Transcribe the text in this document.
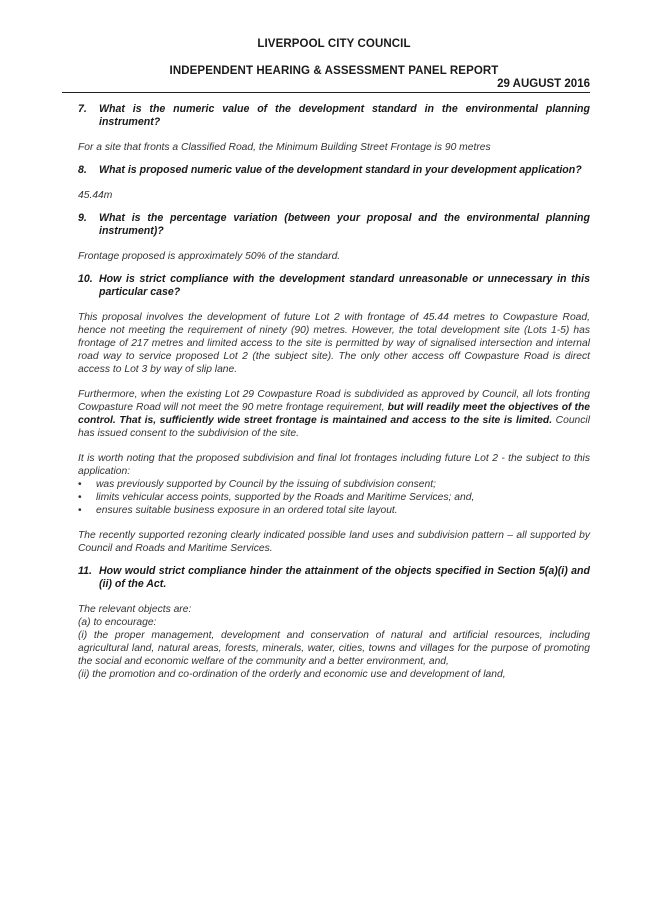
LIVERPOOL CITY COUNCIL
INDEPENDENT HEARING & ASSESSMENT PANEL REPORT
29 AUGUST 2016
7.	What is the numeric value of the development standard in the environmental planning instrument?

For a site that fronts a Classified Road, the Minimum Building Street Frontage is 90 metres

8.	What is proposed numeric value of the development standard in your development application?

45.44m

9.	What is the percentage variation (between your proposal and the environmental planning instrument)?

Frontage proposed is approximately 50% of the standard.

10. How is strict compliance with the development standard unreasonable or unnecessary in this particular case?

This proposal involves the development of future Lot 2 with frontage of 45.44 metres to Cowpasture Road, hence not meeting the requirement of ninety (90) metres. However, the total development site (Lots 1-5) has frontage of 217 metres and limited access to the site is permitted by way of signalised intersection and internal road way to service proposed Lot 2 (the subject site). The only other access off Cowpasture Road is direct access to Lot 3 by way of slip lane.

Furthermore, when the existing Lot 29 Cowpasture Road is subdivided as approved by Council, all lots fronting Cowpasture Road will not meet the 90 metre frontage requirement, but will readily meet the objectives of the control. That is, sufficiently wide street frontage is maintained and access to the site is limited. Council has issued consent to the subdivision of the site.

It is worth noting that the proposed subdivision and final lot frontages including future Lot 2 - the subject to this application:

•	was previously supported by Council by the issuing of subdivision consent;
•	limits vehicular access points, supported by the Roads and Maritime Services; and,
•	ensures suitable business exposure in an ordered total site layout.

The recently supported rezoning clearly indicated possible land uses and subdivision pattern – all supported by Council and Roads and Maritime Services.

11. How would strict compliance hinder the attainment of the objects specified in Section 5(a)(i) and (ii) of the Act.
The relevant objects are:
(a) to encourage:
(i) the proper management, development and conservation of natural and artificial resources, including agricultural land, natural areas, forests, minerals, water, cities, towns and villages for the purpose of promoting the social and economic welfare of the community and a better environment, and,
(ii) the promotion and co-ordination of the orderly and economic use and development of land,
